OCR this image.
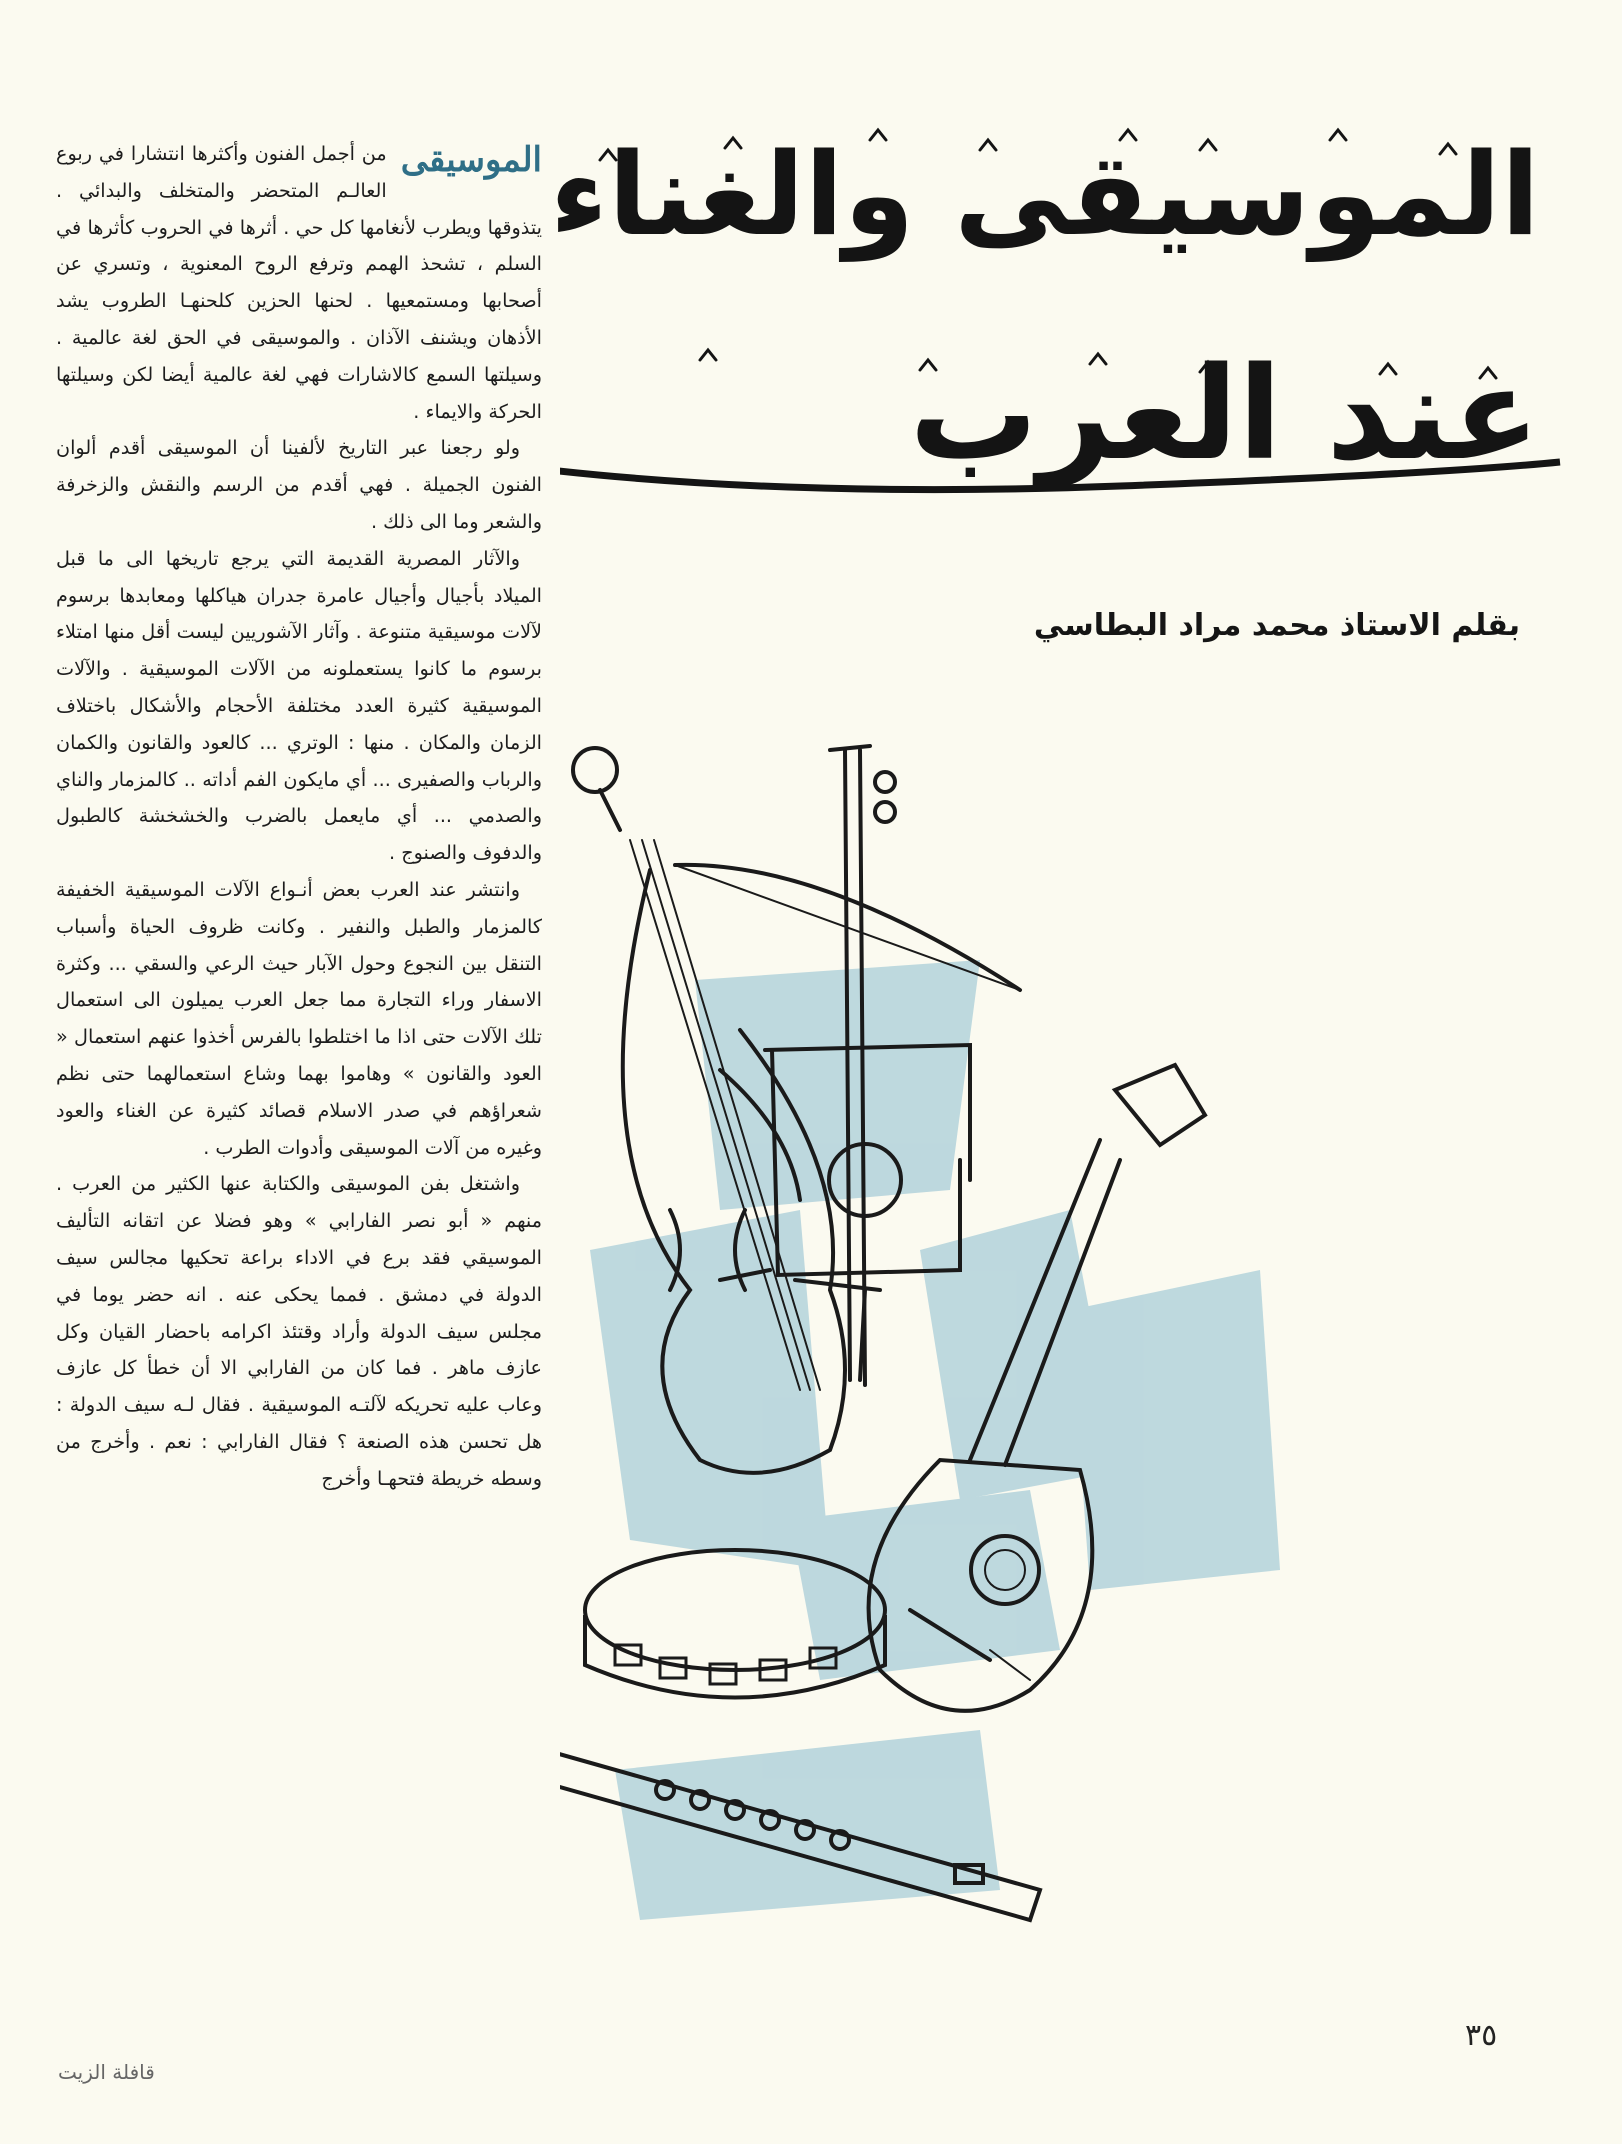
الموسيقى
من أجمل الفنون وأكثرها انتشارا في ربوع العالـم المتحضر والمتخلف والبدائي . يتذوقها ويطرب لأنغامها كل حي . أثرها في الحروب كأثرها في السلم ، تشحذ الهمم وترفع الروح المعنوية ، وتسري عن أصحابها ومستمعيها . لحنها الحزين كلحنهـا الطروب يشد الأذهان ويشنف الآذان . والموسيقى في الحق لغة عالمية . وسيلتها السمع كالاشارات فهي لغة عالمية أيضا لكن وسيلتها الحركة والايماء .

ولو رجعنا عبر التاريخ لألفينا أن الموسيقى أقدم ألوان الفنون الجميلة . فهي أقدم من الرسم والنقش والزخرفة والشعر وما الى ذلك .

والآثار المصرية القديمة التي يرجع تاريخها الى ما قبل الميلاد بأجيال وأجيال عامرة جدران هياكلها ومعابدها برسوم لآلات موسيقية متنوعة . وآثار الآشوريين ليست أقل منها امتلاء برسوم ما كانوا يستعملونه من الآلات الموسيقية . والآلات الموسيقية كثيرة العدد مختلفة الأحجام والأشكال باختلاف الزمان والمكان . منها : الوتري ... كالعود والقانون والكمان والرباب والصفيرى ... أي مايكون الفم أداته .. كالمزمار والناي والصدمي ... أي مايعمل بالضرب والخشخشة كالطبول والدفوف والصنوج .

وانتشر عند العرب بعض أنـواع الآلات الموسيقية الخفيفة كالمزمار والطبل والنفير . وكانت ظروف الحياة وأسباب التنقل بين النجوع وحول الآبار حيث الرعي والسقي ... وكثرة الاسفار وراء التجارة مما جعل العرب يميلون الى استعمال تلك الآلات حتى اذا ما اختلطوا بالفرس أخذوا عنهم استعمال « العود والقانون » وهاموا بهما وشاع استعمالهما حتى نظم شعراؤهم في صدر الاسلام قصائد كثيرة عن الغناء والعود وغيره من آلات الموسيقى وأدوات الطرب .

واشتغل بفن الموسيقى والكتابة عنها الكثير من العرب . منهم « أبو نصر الفارابي » وهو فضلا عن اتقانه التأليف الموسيقي فقد برع في الاداء براعة تحكيها مجالس سيف الدولة في دمشق . فمما يحكى عنه . انه حضر يوما في مجلس سيف الدولة وأراد وقتئذ اكرامه باحضار القيان وكل عازف ماهر . فما كان من الفارابي الا أن خطأ كل عازف وعاب عليه تحريكه لآلتـه الموسيقية . فقال لـه سيف الدولة : هل تحسن هذه الصنعة ؟ فقال الفارابي : نعم . وأخرج من وسطه خريطة فتحهـا وأخرج

الموسيقى والغناء
عند العرب
بقلم الاستاذ محمد مراد البطاسي
٣٥
قافلة الزيت
